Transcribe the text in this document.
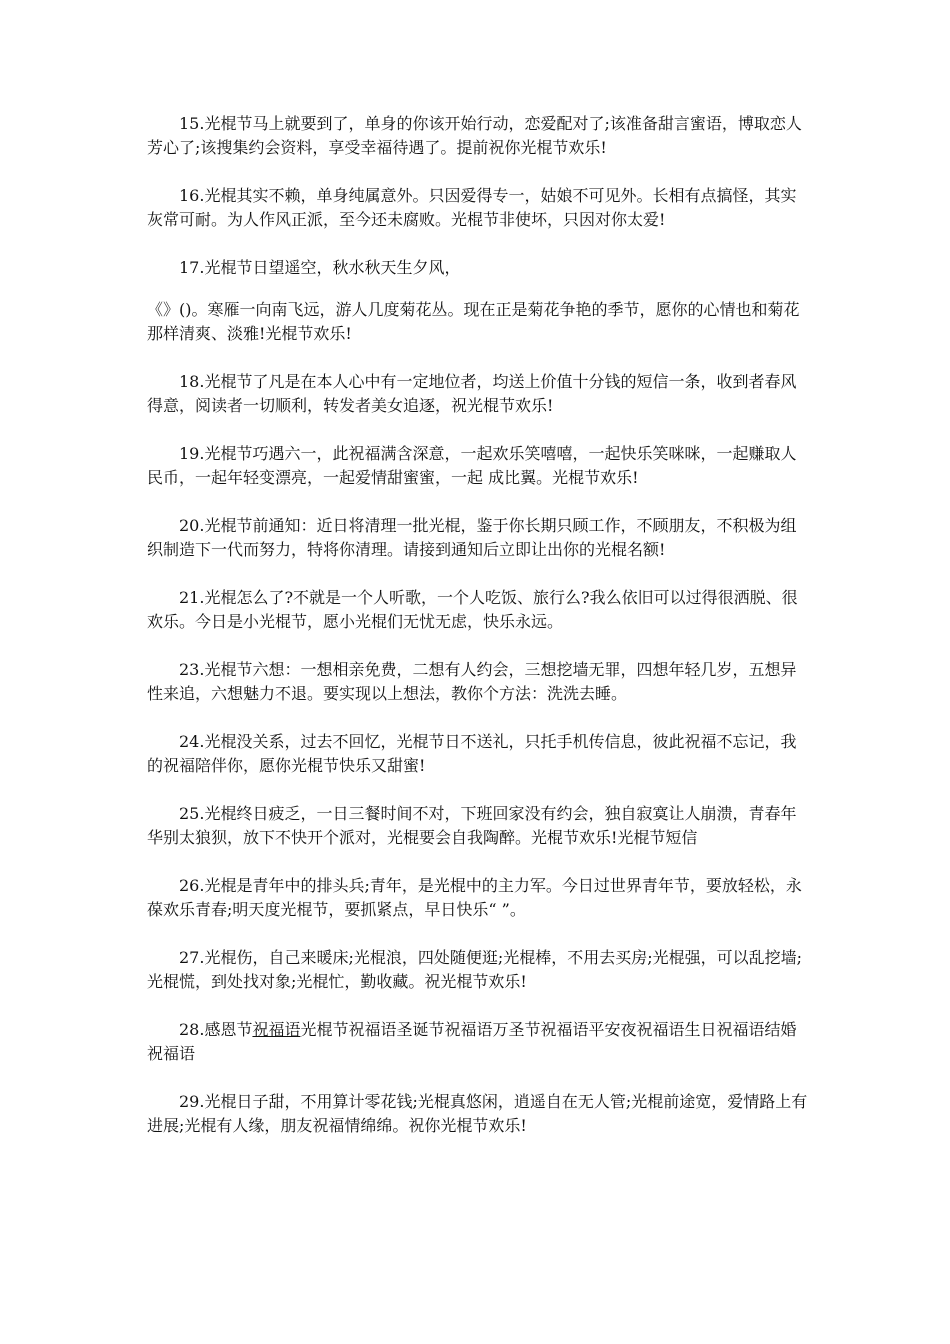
15.光棍节马上就要到了，单身的你该开始行动，恋爱配对了;该准备甜言蜜语，博取恋人芳心了;该搜集约会资料，享受幸福待遇了。提前祝你光棍节欢乐!

16.光棍其实不赖，单身纯属意外。只因爱得专一，姑娘不可见外。长相有点搞怪，其实灰常可耐。为人作风正派，至今还未腐败。光棍节非使坏，只因对你太爱!

17.光棍节日望遥空，秋水秋天生夕风，

《》()。寒雁一向南飞远，游人几度菊花丛。现在正是菊花争艳的季节，愿你的心情也和菊花那样清爽、淡雅!光棍节欢乐!

18.光棍节了凡是在本人心中有一定地位者，均送上价值十分钱的短信一条，收到者春风得意，阅读者一切顺利，转发者美女追逐，祝光棍节欢乐!

19.光棍节巧遇六一，此祝福满含深意，一起欢乐笑嘻嘻，一起快乐笑咪咪，一起赚取人民币，一起年轻变漂亮，一起爱情甜蜜蜜，一起 成比翼。光棍节欢乐!

20.光棍节前通知：近日将清理一批光棍，鉴于你长期只顾工作，不顾朋友，不积极为组织制造下一代而努力，特将你清理。请接到通知后立即让出你的光棍名额!

21.光棍怎么了?不就是一个人听歌，一个人吃饭、旅行么?我么依旧可以过得很洒脱、很欢乐。今日是小光棍节，愿小光棍们无忧无虑，快乐永远。

23.光棍节六想：一想相亲免费，二想有人约会，三想挖墙无罪，四想年轻几岁，五想异性来追，六想魅力不退。要实现以上想法，教你个方法：洗洗去睡。

24.光棍没关系，过去不回忆，光棍节日不送礼，只托手机传信息，彼此祝福不忘记，我的祝福陪伴你，愿你光棍节快乐又甜蜜!

25.光棍终日疲乏，一日三餐时间不对，下班回家没有约会，独自寂寞让人崩溃，青春年华别太狼狈，放下不快开个派对，光棍要会自我陶醉。光棍节欢乐!光棍节短信

26.光棍是青年中的排头兵;青年，是光棍中的主力军。今日过世界青年节，要放轻松，永葆欢乐青春;明天度光棍节，要抓紧点，早日快乐“ ”。

27.光棍伤，自己来暖床;光棍浪，四处随便逛;光棍棒，不用去买房;光棍强，可以乱挖墙;光棍慌，到处找对象;光棍忙，勤收藏。祝光棍节欢乐!

28.感恩节祝福语光棍节祝福语圣诞节祝福语万圣节祝福语平安夜祝福语生日祝福语结婚祝福语

29.光棍日子甜，不用算计零花钱;光棍真悠闲，逍遥自在无人管;光棍前途宽，爱情路上有进展;光棍有人缘，朋友祝福情绵绵。祝你光棍节欢乐!
